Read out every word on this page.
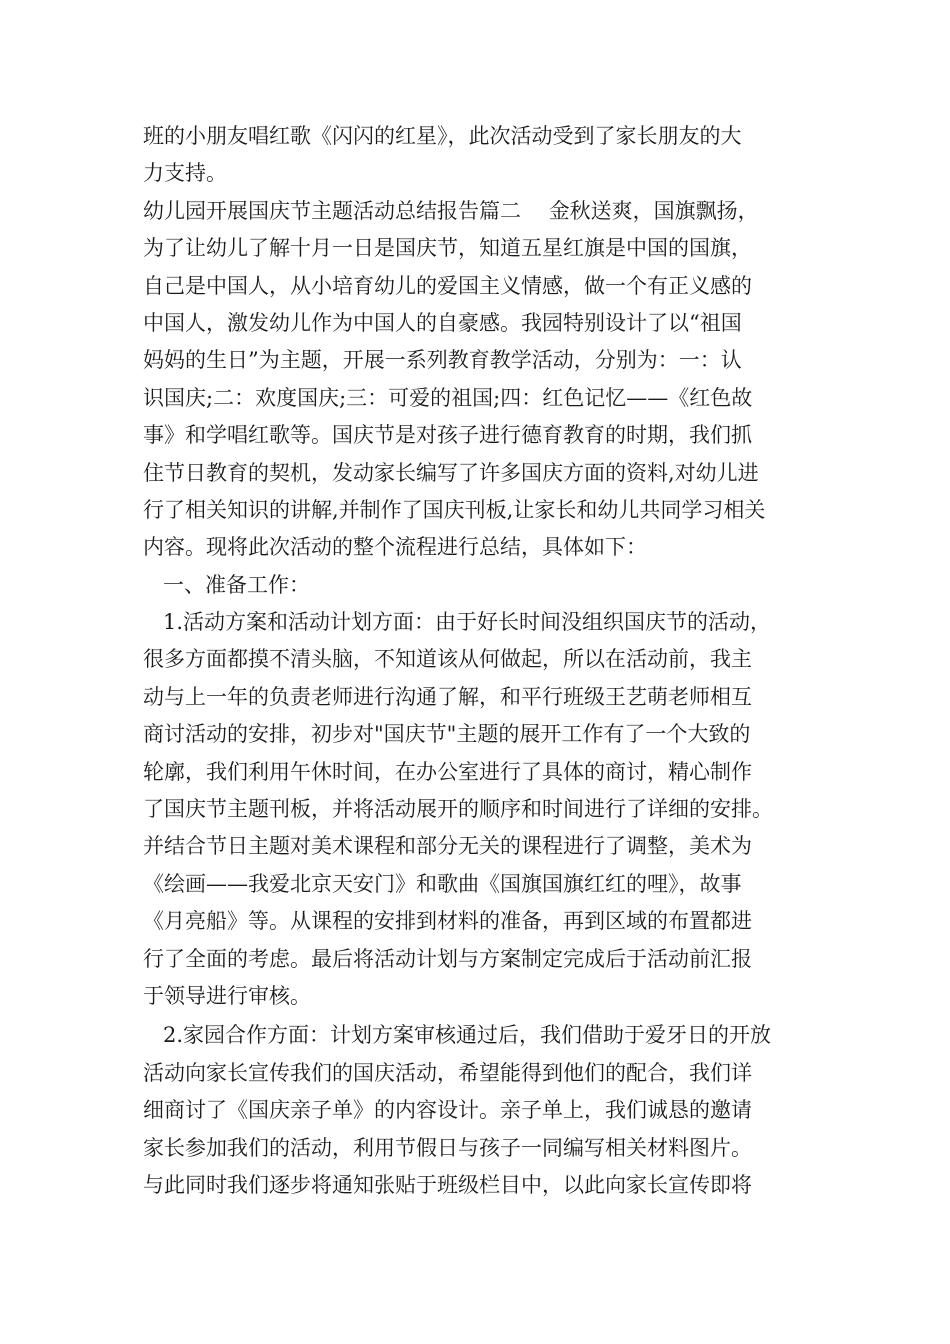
班的小朋友唱红歌《闪闪的红星》，此次活动受到了家长朋友的大
力支持。
幼儿园开展国庆节主题活动总结报告篇二　 金秋送爽，国旗飘扬，
为了让幼儿了解十月一日是国庆节，知道五星红旗是中国的国旗，
自己是中国人，从小培育幼儿的爱国主义情感，做一个有正义感的
中国人，激发幼儿作为中国人的自豪感。我园特别设计了以“祖国
妈妈的生日”为主题，开展一系列教育教学活动，分别为：一：认
识国庆;二：欢度国庆;三：可爱的祖国;四：红色记忆——《红色故
事》和学唱红歌等。国庆节是对孩子进行德育教育的时期，我们抓
住节日教育的契机，发动家长编写了许多国庆方面的资料,对幼儿进
行了相关知识的讲解,并制作了国庆刊板,让家长和幼儿共同学习相关
内容。现将此次活动的整个流程进行总结，具体如下：
一、准备工作：
1.活动方案和活动计划方面：由于好长时间没组织国庆节的活动，
很多方面都摸不清头脑，不知道该从何做起，所以在活动前，我主
动与上一年的负责老师进行沟通了解，和平行班级王艺萌老师相互
商讨活动的安排，初步对"国庆节"主题的展开工作有了一个大致的
轮廓，我们利用午休时间，在办公室进行了具体的商讨，精心制作
了国庆节主题刊板，并将活动展开的顺序和时间进行了详细的安排。
并结合节日主题对美术课程和部分无关的课程进行了调整，美术为
《绘画——我爱北京天安门》和歌曲《国旗国旗红红的哩》，故事
《月亮船》等。从课程的安排到材料的准备，再到区域的布置都进
行了全面的考虑。最后将活动计划与方案制定完成后于活动前汇报
于领导进行审核。
2.家园合作方面：计划方案审核通过后，我们借助于爱牙日的开放
活动向家长宣传我们的国庆活动，希望能得到他们的配合，我们详
细商讨了《国庆亲子单》的内容设计。亲子单上，我们诚恳的邀请
家长参加我们的活动，利用节假日与孩子一同编写相关材料图片。
与此同时我们逐步将通知张贴于班级栏目中，以此向家长宣传即将
